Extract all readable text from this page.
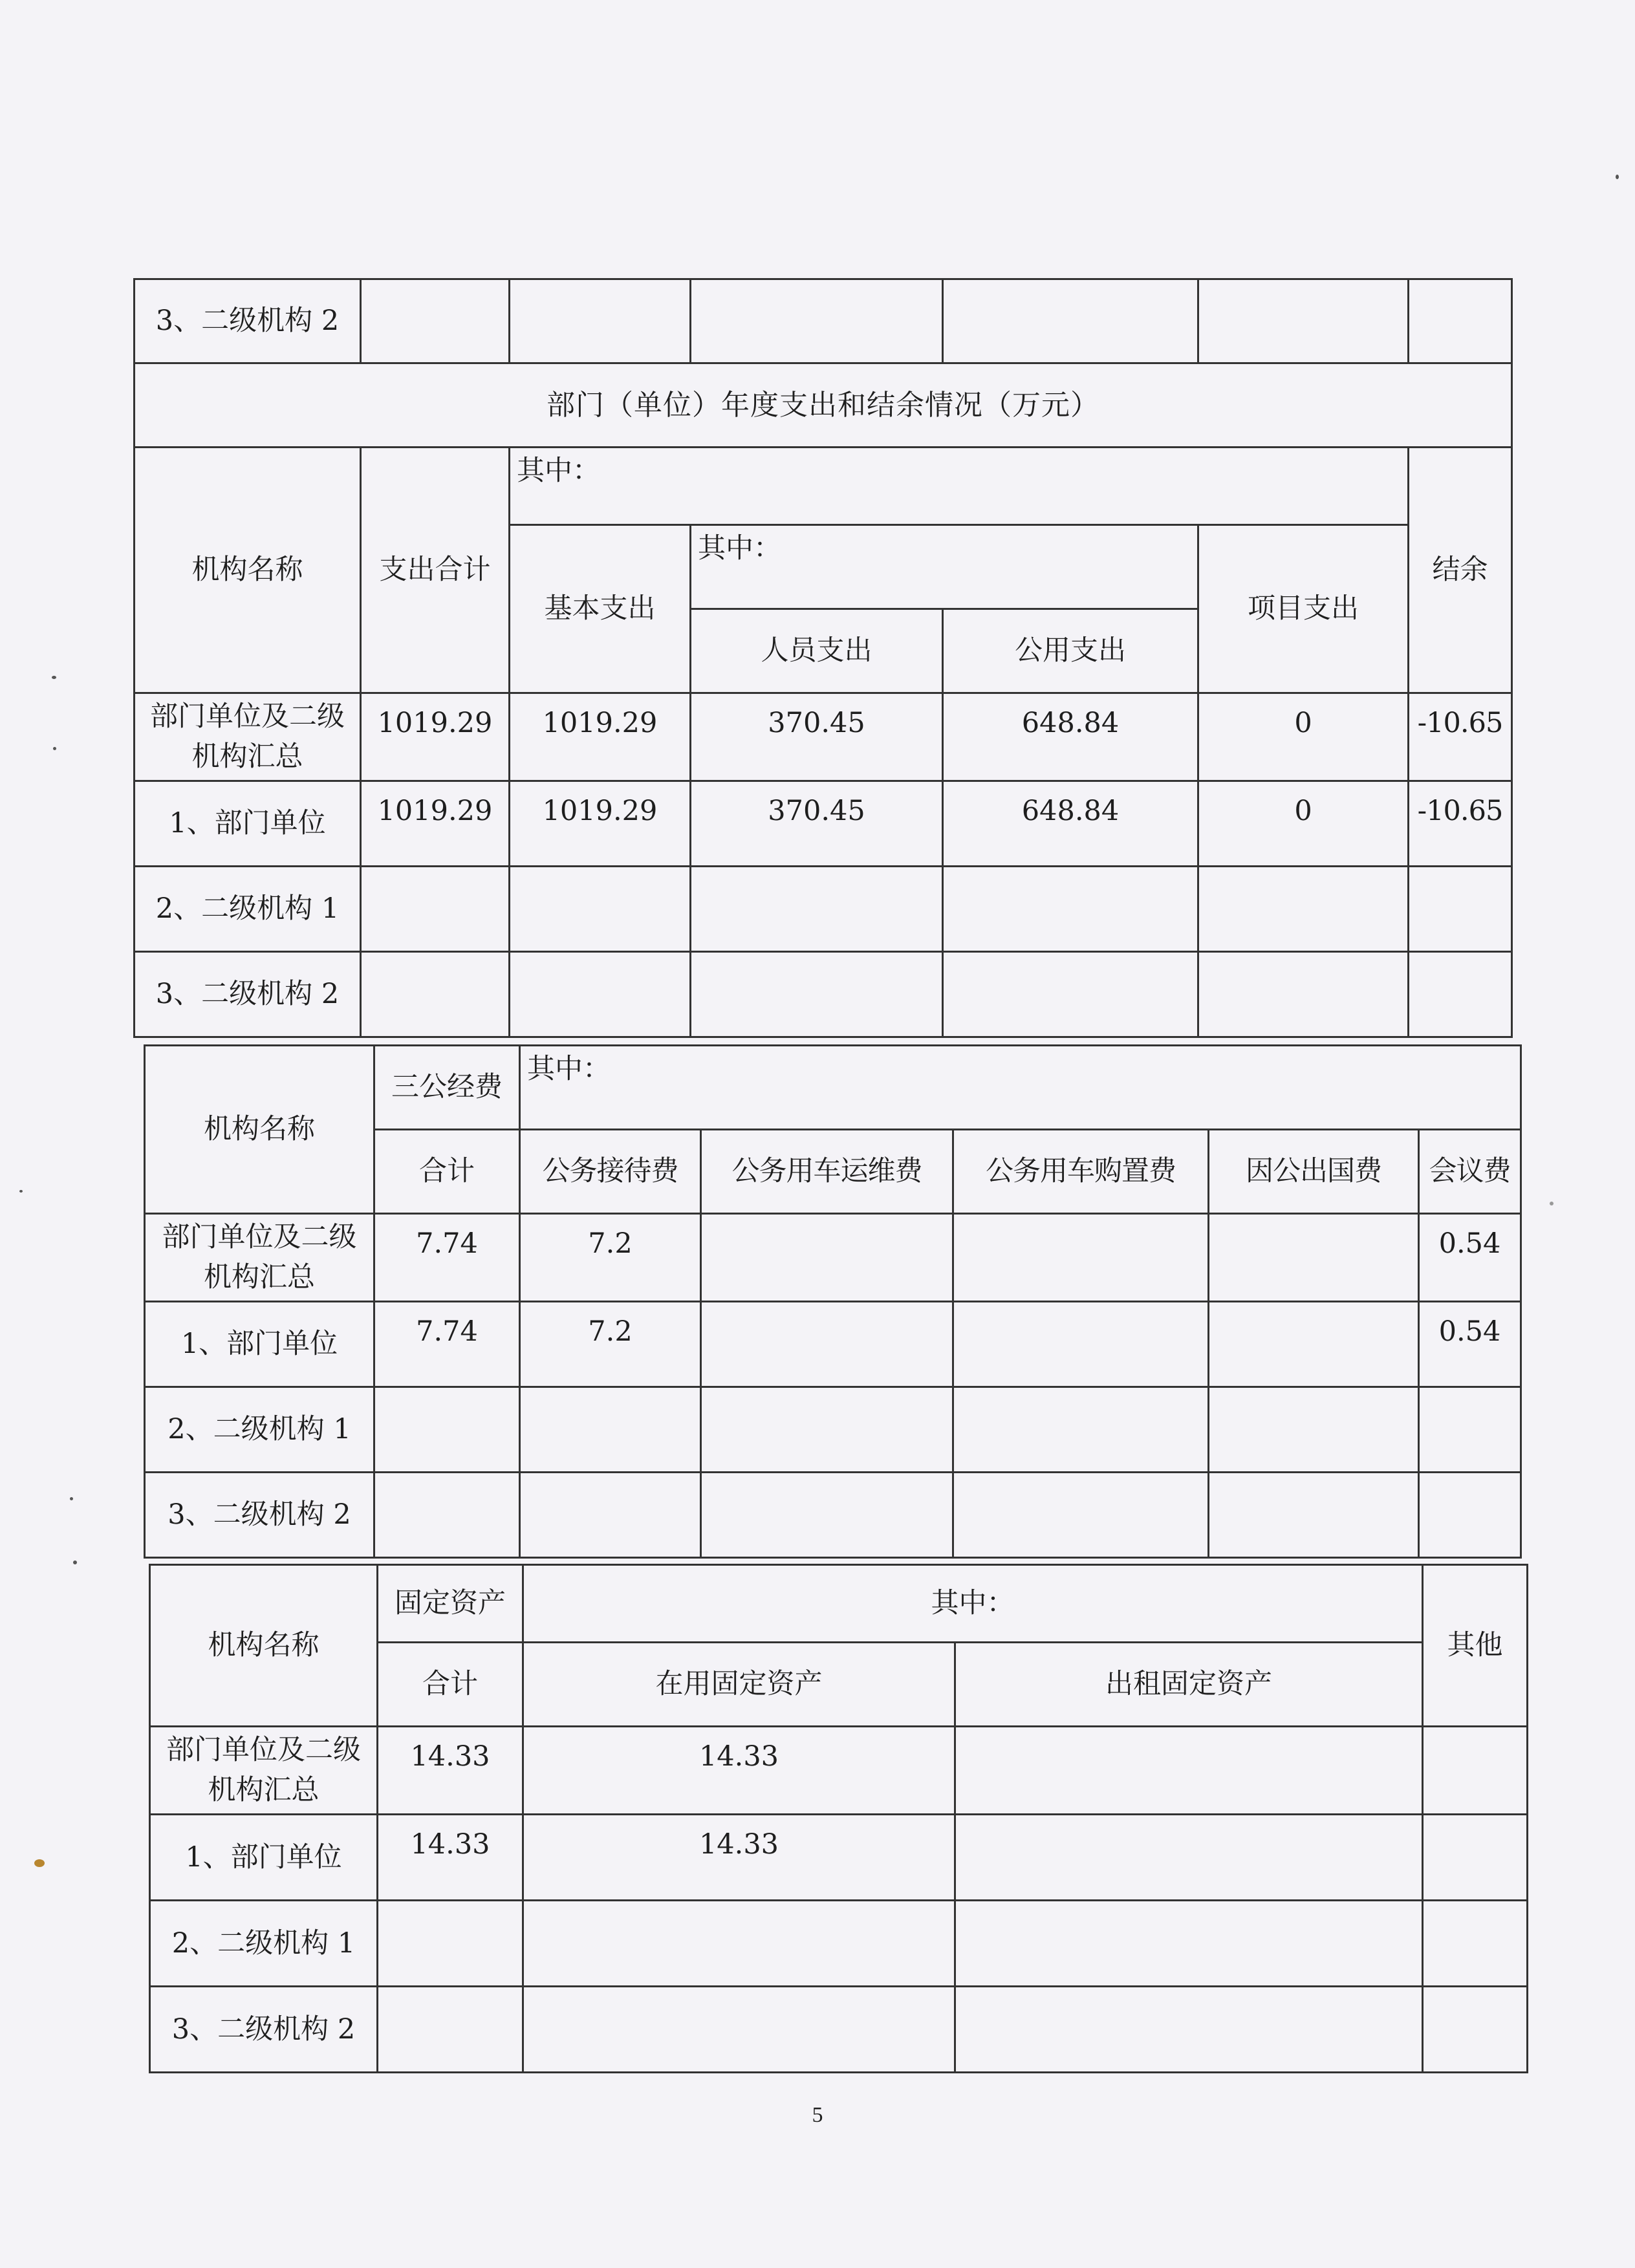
3、二级机构 2						
部门（单位）年度支出和结余情况（万元）						
机构名称	支出合计	其中：				结余
		基本支出	其中：		项目支出	
			人员支出	公用支出		
部门单位及二级机构汇总	1019.29	1019.29	370.45	648.84	0	-10.65
1、部门单位	1019.29	1019.29	370.45	648.84	0	-10.65
2、二级机构 1						
3、二级机构 2						
机构名称	三公经费	其中：				
	合计	公务接待费	公务用车运维费	公务用车购置费	因公出国费	会议费
部门单位及二级机构汇总	7.74	7.2				0.54
1、部门单位	7.74	7.2				0.54
2、二级机构 1						
3、二级机构 2						
机构名称	固定资产	其中：		其他
	合计	在用固定资产	出租固定资产	
部门单位及二级机构汇总	14.33	14.33		
1、部门单位	14.33	14.33		
2、二级机构 1				
3、二级机构 2				
5
